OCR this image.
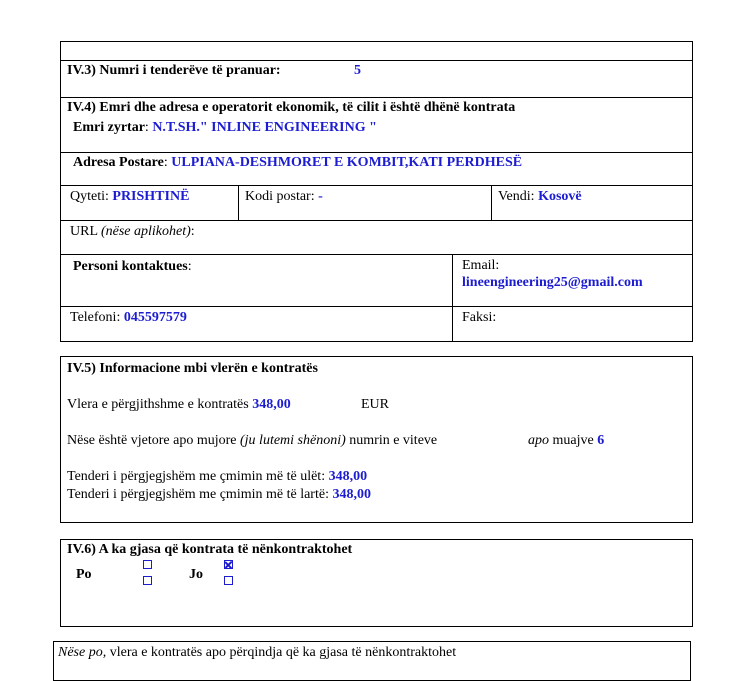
IV.3) Numri i tenderëve të pranuar:	5
IV.4) Emri dhe adresa e operatorit ekonomik, të cilit i është dhënë kontrata
Emri zyrtar: N.T.SH." INLINE ENGINEERING "
Adresa Postare: ULPIANA-DESHMORET E KOMBIT,KATI PERDHESË
Qyteti: PRISHTINË	Kodi postar: -	Vendi: Kosovë
URL (nëse aplikohet):
Personi kontaktues:	Email:
lineengineering25@gmail.com
Telefoni: 045597579	Faksi:
IV.5) Informacione mbi vlerën e kontratës
Vlera e përgjithshme e kontratës 348,00	EUR
Nëse është vjetore apo mujore (ju lutemi shënoni) numrin e viteve	apo muajve 6
Tenderi i përgjegjshëm me çmimin më të ulët: 348,00
Tenderi i përgjegjshëm me çmimin më të lartë: 348,00
IV.6) A ka gjasa që kontrata të nënkontraktohet
Po	Jo
Nëse po, vlera e kontratës apo përqindja që ka gjasa të nënkontraktohet
